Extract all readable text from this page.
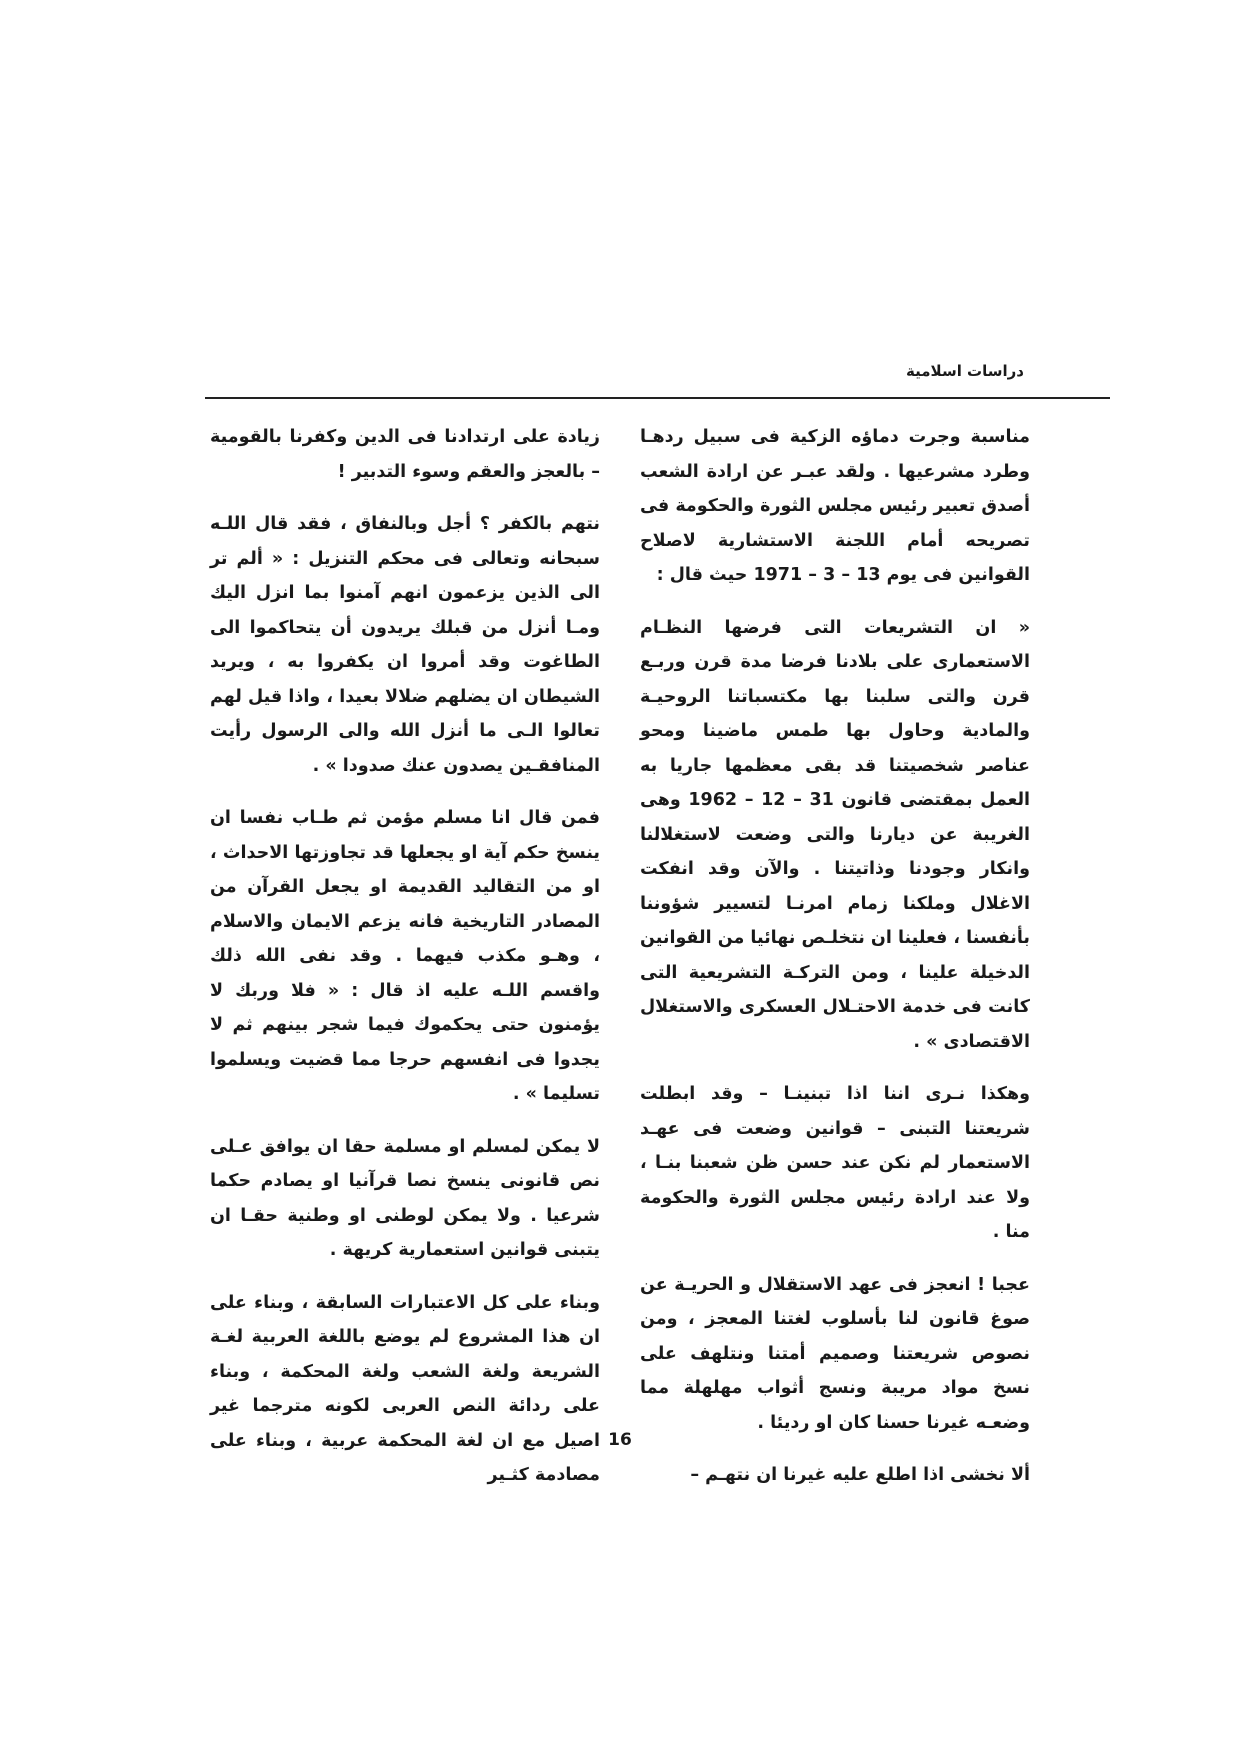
دراسات اسلامية

مناسبة وجرت دماؤه الزكية فى سبيل ردهـا وطرد مشرعيها . ولقد عبـر عن ارادة الشعب أصدق تعبير رئيس مجلس الثورة والحكومة فى تصريحه أمام اللجنة الاستشارية لاصلاح القوانين فى يوم 13 – 3 – 1971 حيث قال :

« ان التشريعات التى فرضها النظـام الاستعمارى على بلادنا فرضا مدة قرن وربـع قرن والتى سلبنا بها مكتسباتنا الروحيـة والمادية وحاول بها طمس ماضينا ومحو عناصر شخصيتنا قد بقى معظمها جاريا به العمل بمقتضى قانون 31 – 12 – 1962 وهى الغريبة عن ديارنا والتى وضعت لاستغلالنا وانكار وجودنا وذاتيتنا . والآن وقد انفكت الاغلال وملكنا زمام امرنـا لتسيير شؤوننا بأنفسنا ، فعلينا ان نتخلـص نهائيا من القوانين الدخيلة علينا ، ومن التركـة التشريعية التى كانت فى خدمة الاحتـلال العسكرى والاستغلال الاقتصادى » .

وهكذا نـرى اننا اذا تبنينـا – وقد ابطلت شريعتنا التبنى – قوانين وضعت فى عهـد الاستعمار لم نكن عند حسن ظن شعبنا بنـا ، ولا عند ارادة رئيس مجلس الثورة والحكومة منا .

عجبا ! انعجز فى عهد الاستقلال و الحريـة عن صوغ قانون لنا بأسلوب لغتنا المعجز ، ومن نصوص شريعتنا وصميم أمتنا ونتلهف على نسخ مواد مريبة ونسج أثواب مهلهلة مما وضعـه غيرنا حسنا كان او رديئا .

ألا نخشى اذا اطلع عليه غيرنا ان نتهـم –

زيادة على ارتدادنا فى الدين وكفرنا بالقومية – بالعجز والعقم وسوء التدبير !

نتهم بالكفر ؟ أجل وبالنفاق ، فقد قال اللـه سبحانه وتعالى فى محكم التنزيل : « ألم تر الى الذين يزعمون انهم آمنوا بما انزل اليك ومـا أنزل من قبلك يريدون أن يتحاكموا الى الطاغوت وقد أمروا ان يكفروا به ، ويريد الشيطان ان يضلهم ضلالا بعيدا ، واذا قيل لهم تعالوا الـى ما أنزل الله والى الرسول رأيت المنافقـين يصدون عنك صدودا » .

فمن قال انا مسلم مؤمن ثم طـاب نفسا ان ينسخ حكم آية او يجعلها قد تجاوزتها الاحداث ، او من التقاليد القديمة او يجعل القرآن من المصادر التاريخية فانه يزعم الايمان والاسلام ، وهـو مكذب فيهما . وقد نفى الله ذلك واقسم اللـه عليه اذ قال : « فلا وربك لا يؤمنون حتى يحكموك فيما شجر بينهم ثم لا يجدوا فى انفسهم حرجا مما قضيت ويسلموا تسليما » .

لا يمكن لمسلم او مسلمة حقا ان يوافق عـلى نص قانونى ينسخ نصا قرآنيا او يصادم حكما شرعيا . ولا يمكن لوطنى او وطنية حقـا ان يتبنى قوانين استعمارية كريهة .

وبناء على كل الاعتبارات السابقة ، وبناء على ان هذا المشروع لم يوضع باللغة العربية لغـة الشريعة ولغة الشعب ولغة المحكمة ، وبناء على ردائة النص العربى لكونه مترجما غير اصيل مع ان لغة المحكمة عربية ، وبناء على مصادمة كثـير

16
